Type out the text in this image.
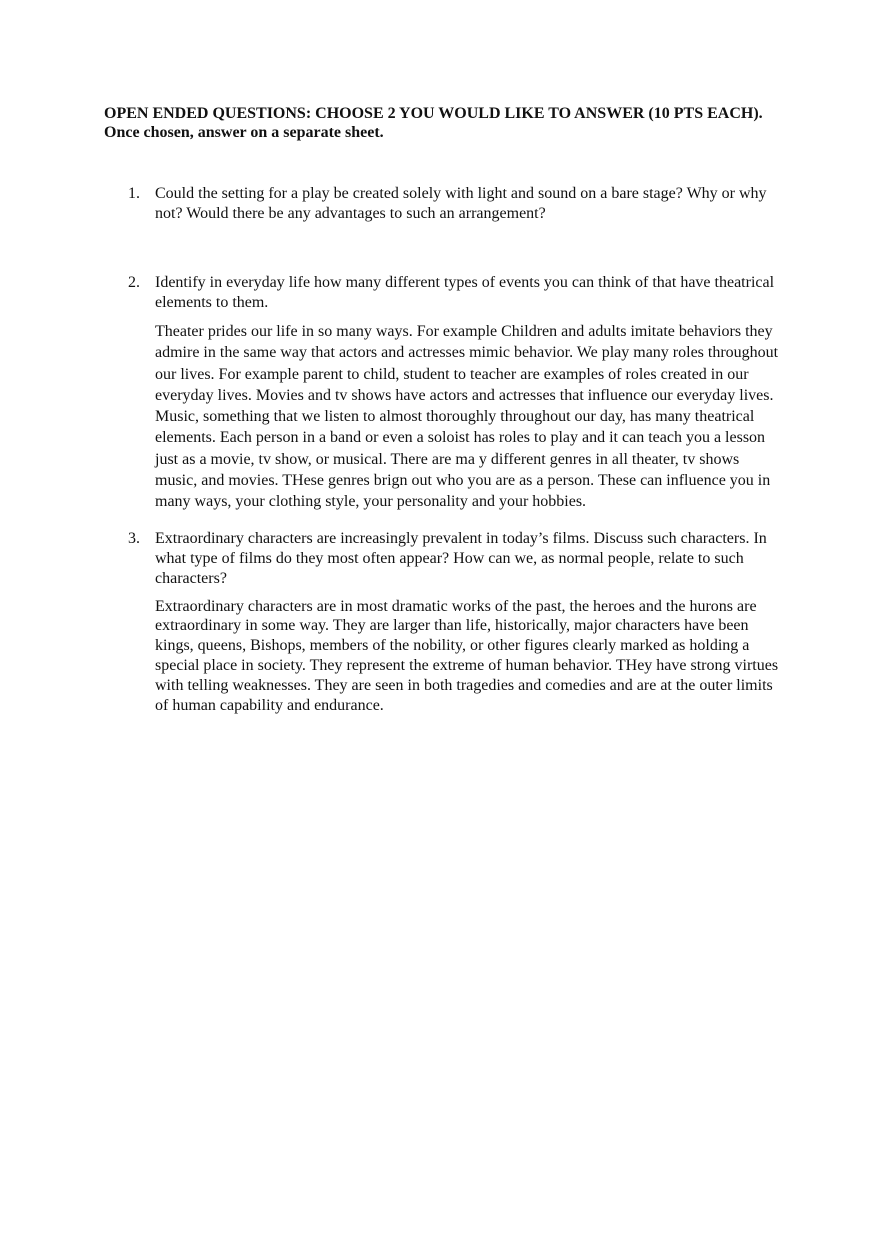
OPEN ENDED QUESTIONS: CHOOSE 2 YOU WOULD LIKE TO ANSWER (10 PTS EACH). Once chosen, answer on a separate sheet.

1. Could the setting for a play be created solely with light and sound on a bare stage? Why or why not? Would there be any advantages to such an arrangement?
2. Identify in everyday life how many different types of events you can think of that have theatrical elements to them.
Theater prides our life in so many ways. For example Children and adults imitate behaviors they admire in the same way that actors and actresses mimic behavior. We play many roles throughout our lives. For example parent to child, student to teacher are examples of roles created in our everyday lives. Movies and tv shows have actors and actresses that influence our everyday lives. Music, something that we listen to almost thoroughly throughout our day, has many theatrical elements. Each person in a band or even a soloist has roles to play and it can teach you a lesson just as a movie, tv show, or musical. There are ma y different genres in all theater, tv shows music, and movies. THese genres brign out who you are as a person. These can influence you in many ways, your clothing style, your personality and your hobbies.
3. Extraordinary characters are increasingly prevalent in today’s films. Discuss such characters. In what type of films do they most often appear? How can we, as normal people, relate to such characters?
Extraordinary characters are in most dramatic works of the past, the heroes and the hurons are extraordinary in some way. They are larger than life, historically, major characters have been kings, queens, Bishops, members of the nobility, or other figures clearly marked as holding a special place in society. They represent the extreme of human behavior. THey have strong virtues with telling weaknesses. They are seen in both tragedies and comedies and are at the outer limits of human capability and endurance.
